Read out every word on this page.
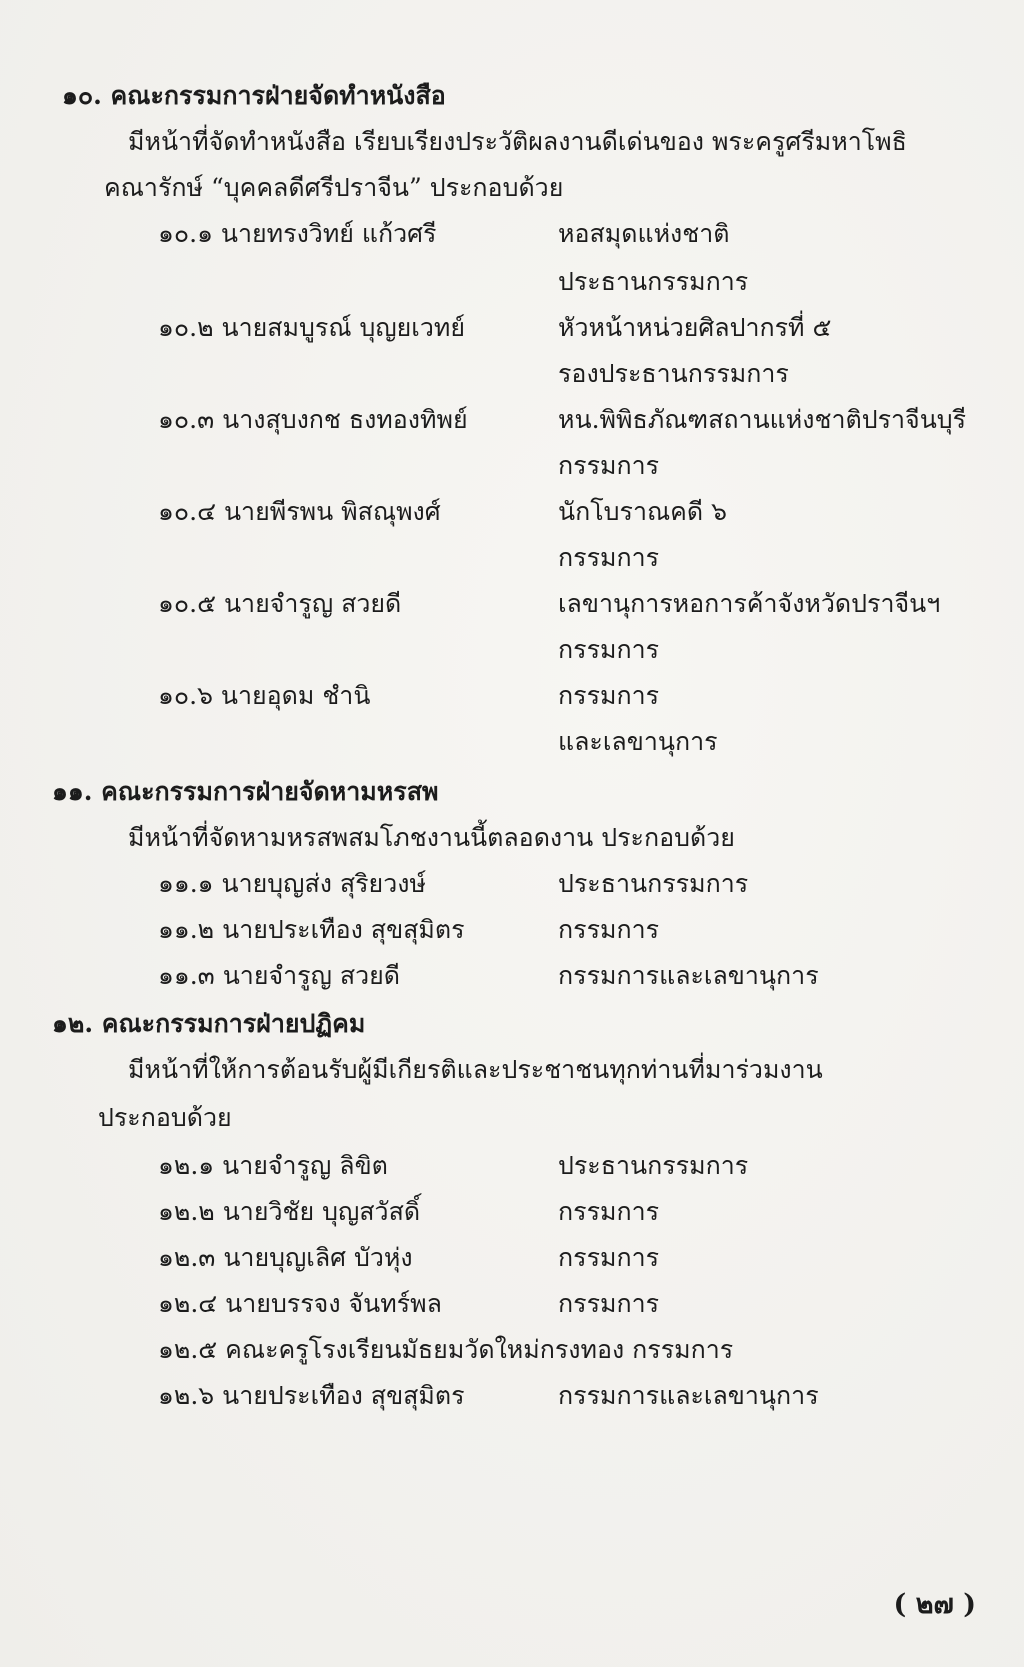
๑๐. คณะกรรมการฝ่ายจัดทำหนังสือ
มีหน้าที่จัดทำหนังสือ เรียบเรียงประวัติผลงานดีเด่นของ พระครูศรีมหาโพธิ
คณารักษ์ “บุคคลดีศรีปราจีน” ประกอบด้วย
๑๐.๑ นายทรงวิทย์ แก้วศรี	หอสมุดแห่งชาติ
ประธานกรรมการ
๑๐.๒ นายสมบูรณ์ บุญยเวทย์	หัวหน้าหน่วยศิลปากรที่ ๕
รองประธานกรรมการ
๑๐.๓ นางสุบงกช ธงทองทิพย์	หน.พิพิธภัณฑสถานแห่งชาติปราจีนบุรี
กรรมการ
๑๐.๔ นายพีรพน พิสณุพงศ์	นักโบราณคดี ๖
กรรมการ
๑๐.๕ นายจำรูญ สวยดี	เลขานุการหอการค้าจังหวัดปราจีนฯ
กรรมการ
๑๐.๖ นายอุดม ชำนิ	กรรมการ
และเลขานุการ
๑๑. คณะกรรมการฝ่ายจัดหามหรสพ
มีหน้าที่จัดหามหรสพสมโภชงานนี้ตลอดงาน ประกอบด้วย
๑๑.๑ นายบุญส่ง สุริยวงษ์	ประธานกรรมการ
๑๑.๒ นายประเทือง สุขสุมิตร	กรรมการ
๑๑.๓ นายจำรูญ สวยดี	กรรมการและเลขานุการ
๑๒. คณะกรรมการฝ่ายปฏิคม
มีหน้าที่ให้การต้อนรับผู้มีเกียรติและประชาชนทุกท่านที่มาร่วมงาน
ประกอบด้วย
๑๒.๑ นายจำรูญ ลิขิต	ประธานกรรมการ
๑๒.๒ นายวิชัย บุญสวัสดิ์	กรรมการ
๑๒.๓ นายบุญเลิศ บัวหุ่ง	กรรมการ
๑๒.๔ นายบรรจง จันทร์พล	กรรมการ
๑๒.๕ คณะครูโรงเรียนมัธยมวัดใหม่กรงทอง กรรมการ
๑๒.๖ นายประเทือง สุขสุมิตร	กรรมการและเลขานุการ
( ๒๗ )
